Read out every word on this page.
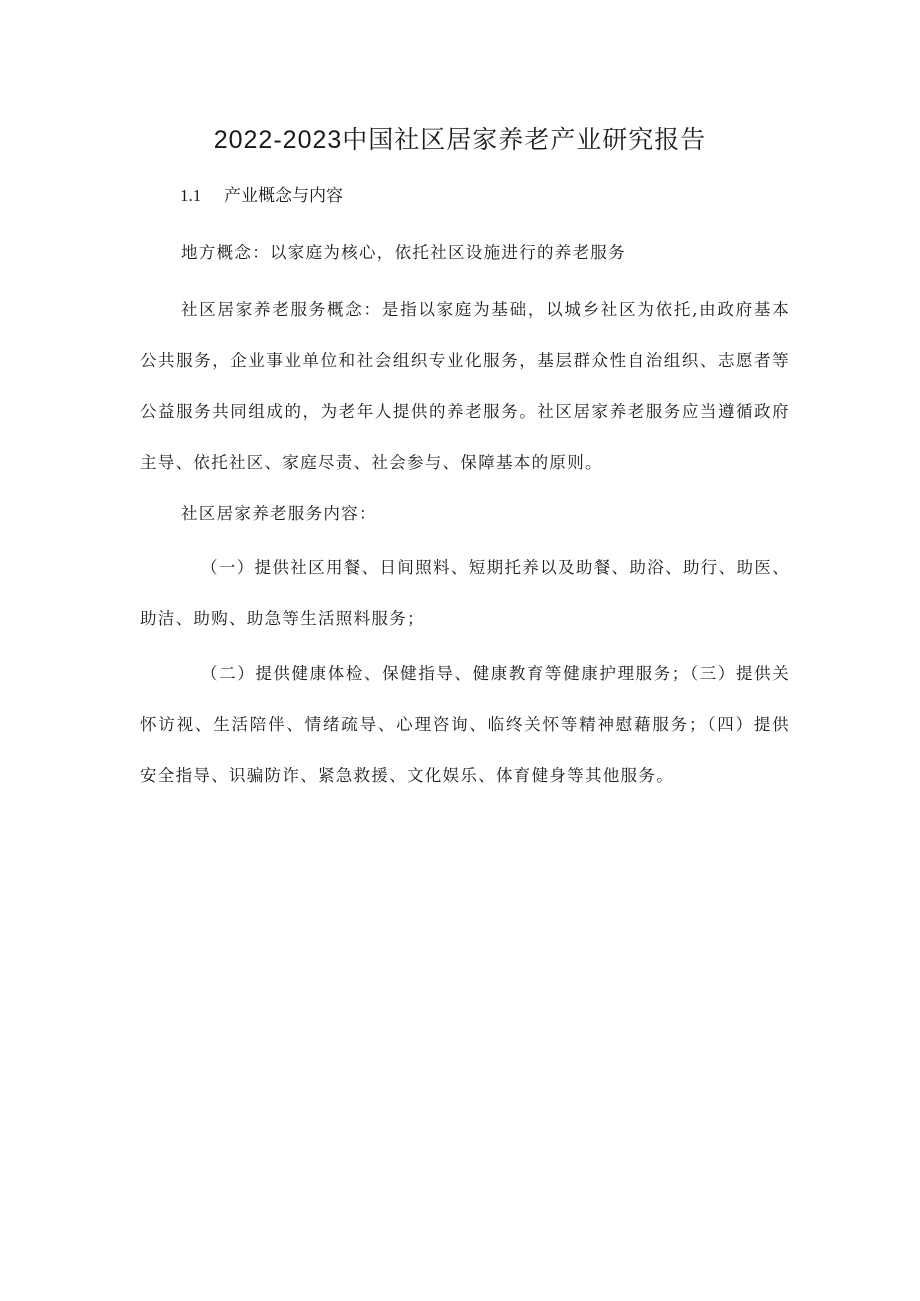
2022-2023中国社区居家养老产业研究报告
1.1 产业概念与内容

地方概念：以家庭为核心，依托社区设施进行的养老服务

社区居家养老服务概念：是指以家庭为基础，以城乡社区为依托,由政府基本公共服务，企业事业单位和社会组织专业化服务，基层群众性自治组织、志愿者等公益服务共同组成的，为老年人提供的养老服务。社区居家养老服务应当遵循政府主导、依托社区、家庭尽责、社会参与、保障基本的原则。

社区居家养老服务内容：

（一）提供社区用餐、日间照料、短期托养以及助餐、助浴、助行、助医、助洁、助购、助急等生活照料服务；

（二）提供健康体检、保健指导、健康教育等健康护理服务；（三）提供关怀访视、生活陪伴、情绪疏导、心理咨询、临终关怀等精神慰藉服务；（四）提供安全指导、识骗防诈、紧急救援、文化娱乐、体育健身等其他服务。
